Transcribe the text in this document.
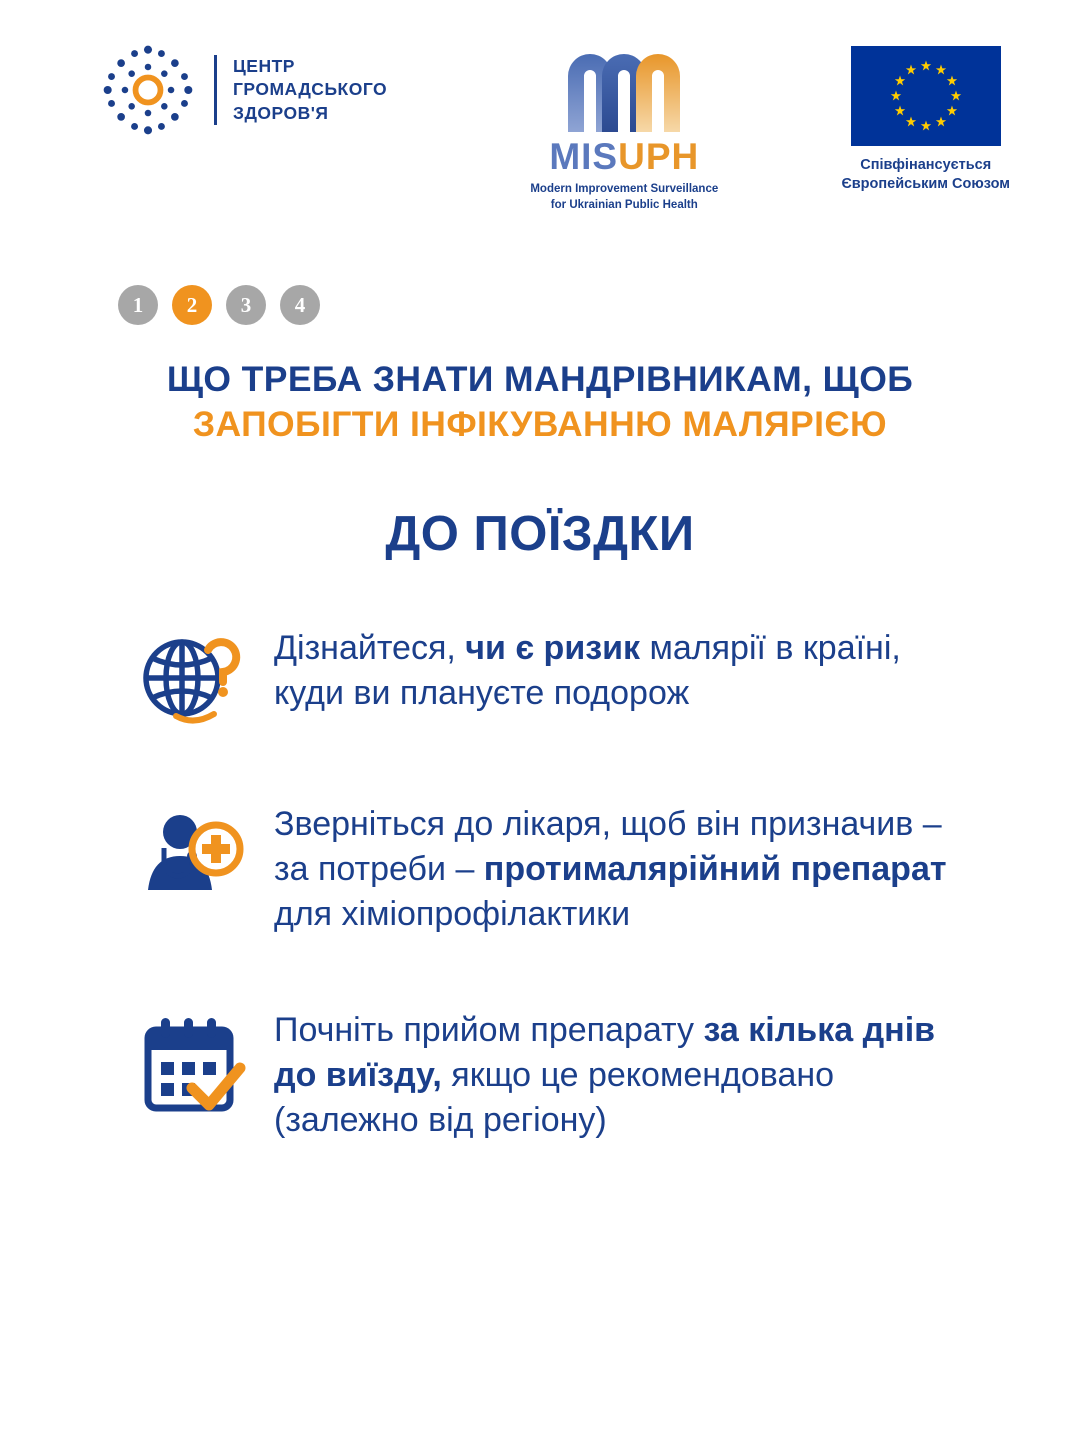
ЦЕНТР
ГРОМАДСЬКОГО
ЗДОРОВ'Я
MISUPH
Modern Improvement Surveillance
for Ukrainian Public Health
Співфінансується
Європейським Союзом
1	2	3	4
ЩО ТРЕБА ЗНАТИ МАНДРІВНИКАМ, ЩОБ
ЗАПОБІГТИ ІНФІКУВАННЮ МАЛЯРІЄЮ
ДО ПОЇЗДКИ
Дізнайтеся, чи є ризик малярії в країні, куди ви плануєте подорож
Зверніться до лікаря, щоб він призначив – за потреби – протималярійний препарат для хіміопрофілактики
Почніть прийом препарату за кілька днів до виїзду, якщо це рекомендовано (залежно від регіону)
